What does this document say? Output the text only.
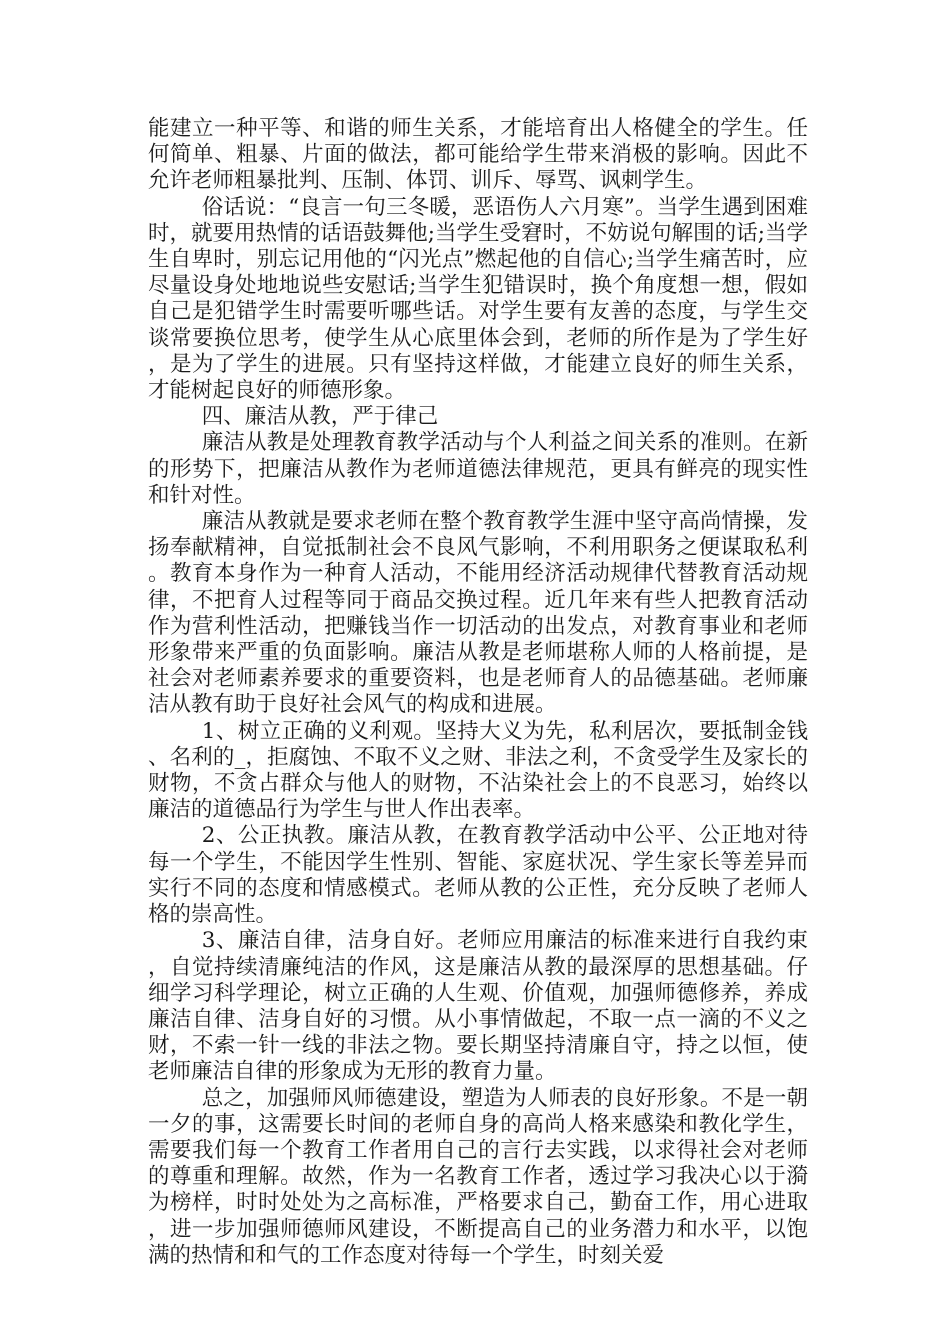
能建立一种平等、和谐的师生关系，才能培育出人格健全的学生。任何简单、粗暴、片面的做法，都可能给学生带来消极的影响。因此不允许老师粗暴批判、压制、体罚、训斥、辱骂、讽刺学生。

俗话说：“良言一句三冬暖，恶语伤人六月寒”。当学生遇到困难时，就要用热情的话语鼓舞他;当学生受窘时，不妨说句解围的话;当学生自卑时，别忘记用他的“闪光点”燃起他的自信心;当学生痛苦时，应尽量设身处地地说些安慰话;当学生犯错误时，换个角度想一想，假如自己是犯错学生时需要听哪些话。对学生要有友善的态度，与学生交谈常要换位思考，使学生从心底里体会到，老师的所作是为了学生好，是为了学生的进展。只有坚持这样做，才能建立良好的师生关系，才能树起良好的师德形象。

四、廉洁从教，严于律己

廉洁从教是处理教育教学活动与个人利益之间关系的准则。在新的形势下，把廉洁从教作为老师道德法律规范，更具有鲜亮的现实性和针对性。

廉洁从教就是要求老师在整个教育教学生涯中坚守高尚情操，发扬奉献精神，自觉抵制社会不良风气影响，不利用职务之便谋取私利。教育本身作为一种育人活动，不能用经济活动规律代替教育活动规律，不把育人过程等同于商品交换过程。近几年来有些人把教育活动作为营利性活动，把赚钱当作一切活动的出发点，对教育事业和老师形象带来严重的负面影响。廉洁从教是老师堪称人师的人格前提，是社会对老师素养要求的重要资料，也是老师育人的品德基础。老师廉洁从教有助于良好社会风气的构成和进展。

1、树立正确的义利观。坚持大义为先，私利居次，要抵制金钱、名利的_，拒腐蚀、不取不义之财、非法之利，不贪受学生及家长的财物，不贪占群众与他人的财物，不沾染社会上的不良恶习，始终以廉洁的道德品行为学生与世人作出表率。

2、公正执教。廉洁从教，在教育教学活动中公平、公正地对待每一个学生，不能因学生性别、智能、家庭状况、学生家长等差异而实行不同的态度和情感模式。老师从教的公正性，充分反映了老师人格的崇高性。

3、廉洁自律，洁身自好。老师应用廉洁的标准来进行自我约束，自觉持续清廉纯洁的作风，这是廉洁从教的最深厚的思想基础。仔细学习科学理论，树立正确的人生观、价值观，加强师德修养，养成廉洁自律、洁身自好的习惯。从小事情做起，不取一点一滴的不义之财，不索一针一线的非法之物。要长期坚持清廉自守，持之以恒，使老师廉洁自律的形象成为无形的教育力量。

总之，加强师风师德建设，塑造为人师表的良好形象。不是一朝一夕的事，这需要长时间的老师自身的高尚人格来感染和教化学生，需要我们每一个教育工作者用自己的言行去实践，以求得社会对老师的尊重和理解。故然，作为一名教育工作者，透过学习我决心以于漪为榜样，时时处处为之高标准，严格要求自己，勤奋工作，用心进取，进一步加强师德师风建设，不断提高自己的业务潜力和水平，以饱满的热情和和气的工作态度对待每一个学生，时刻关爱
